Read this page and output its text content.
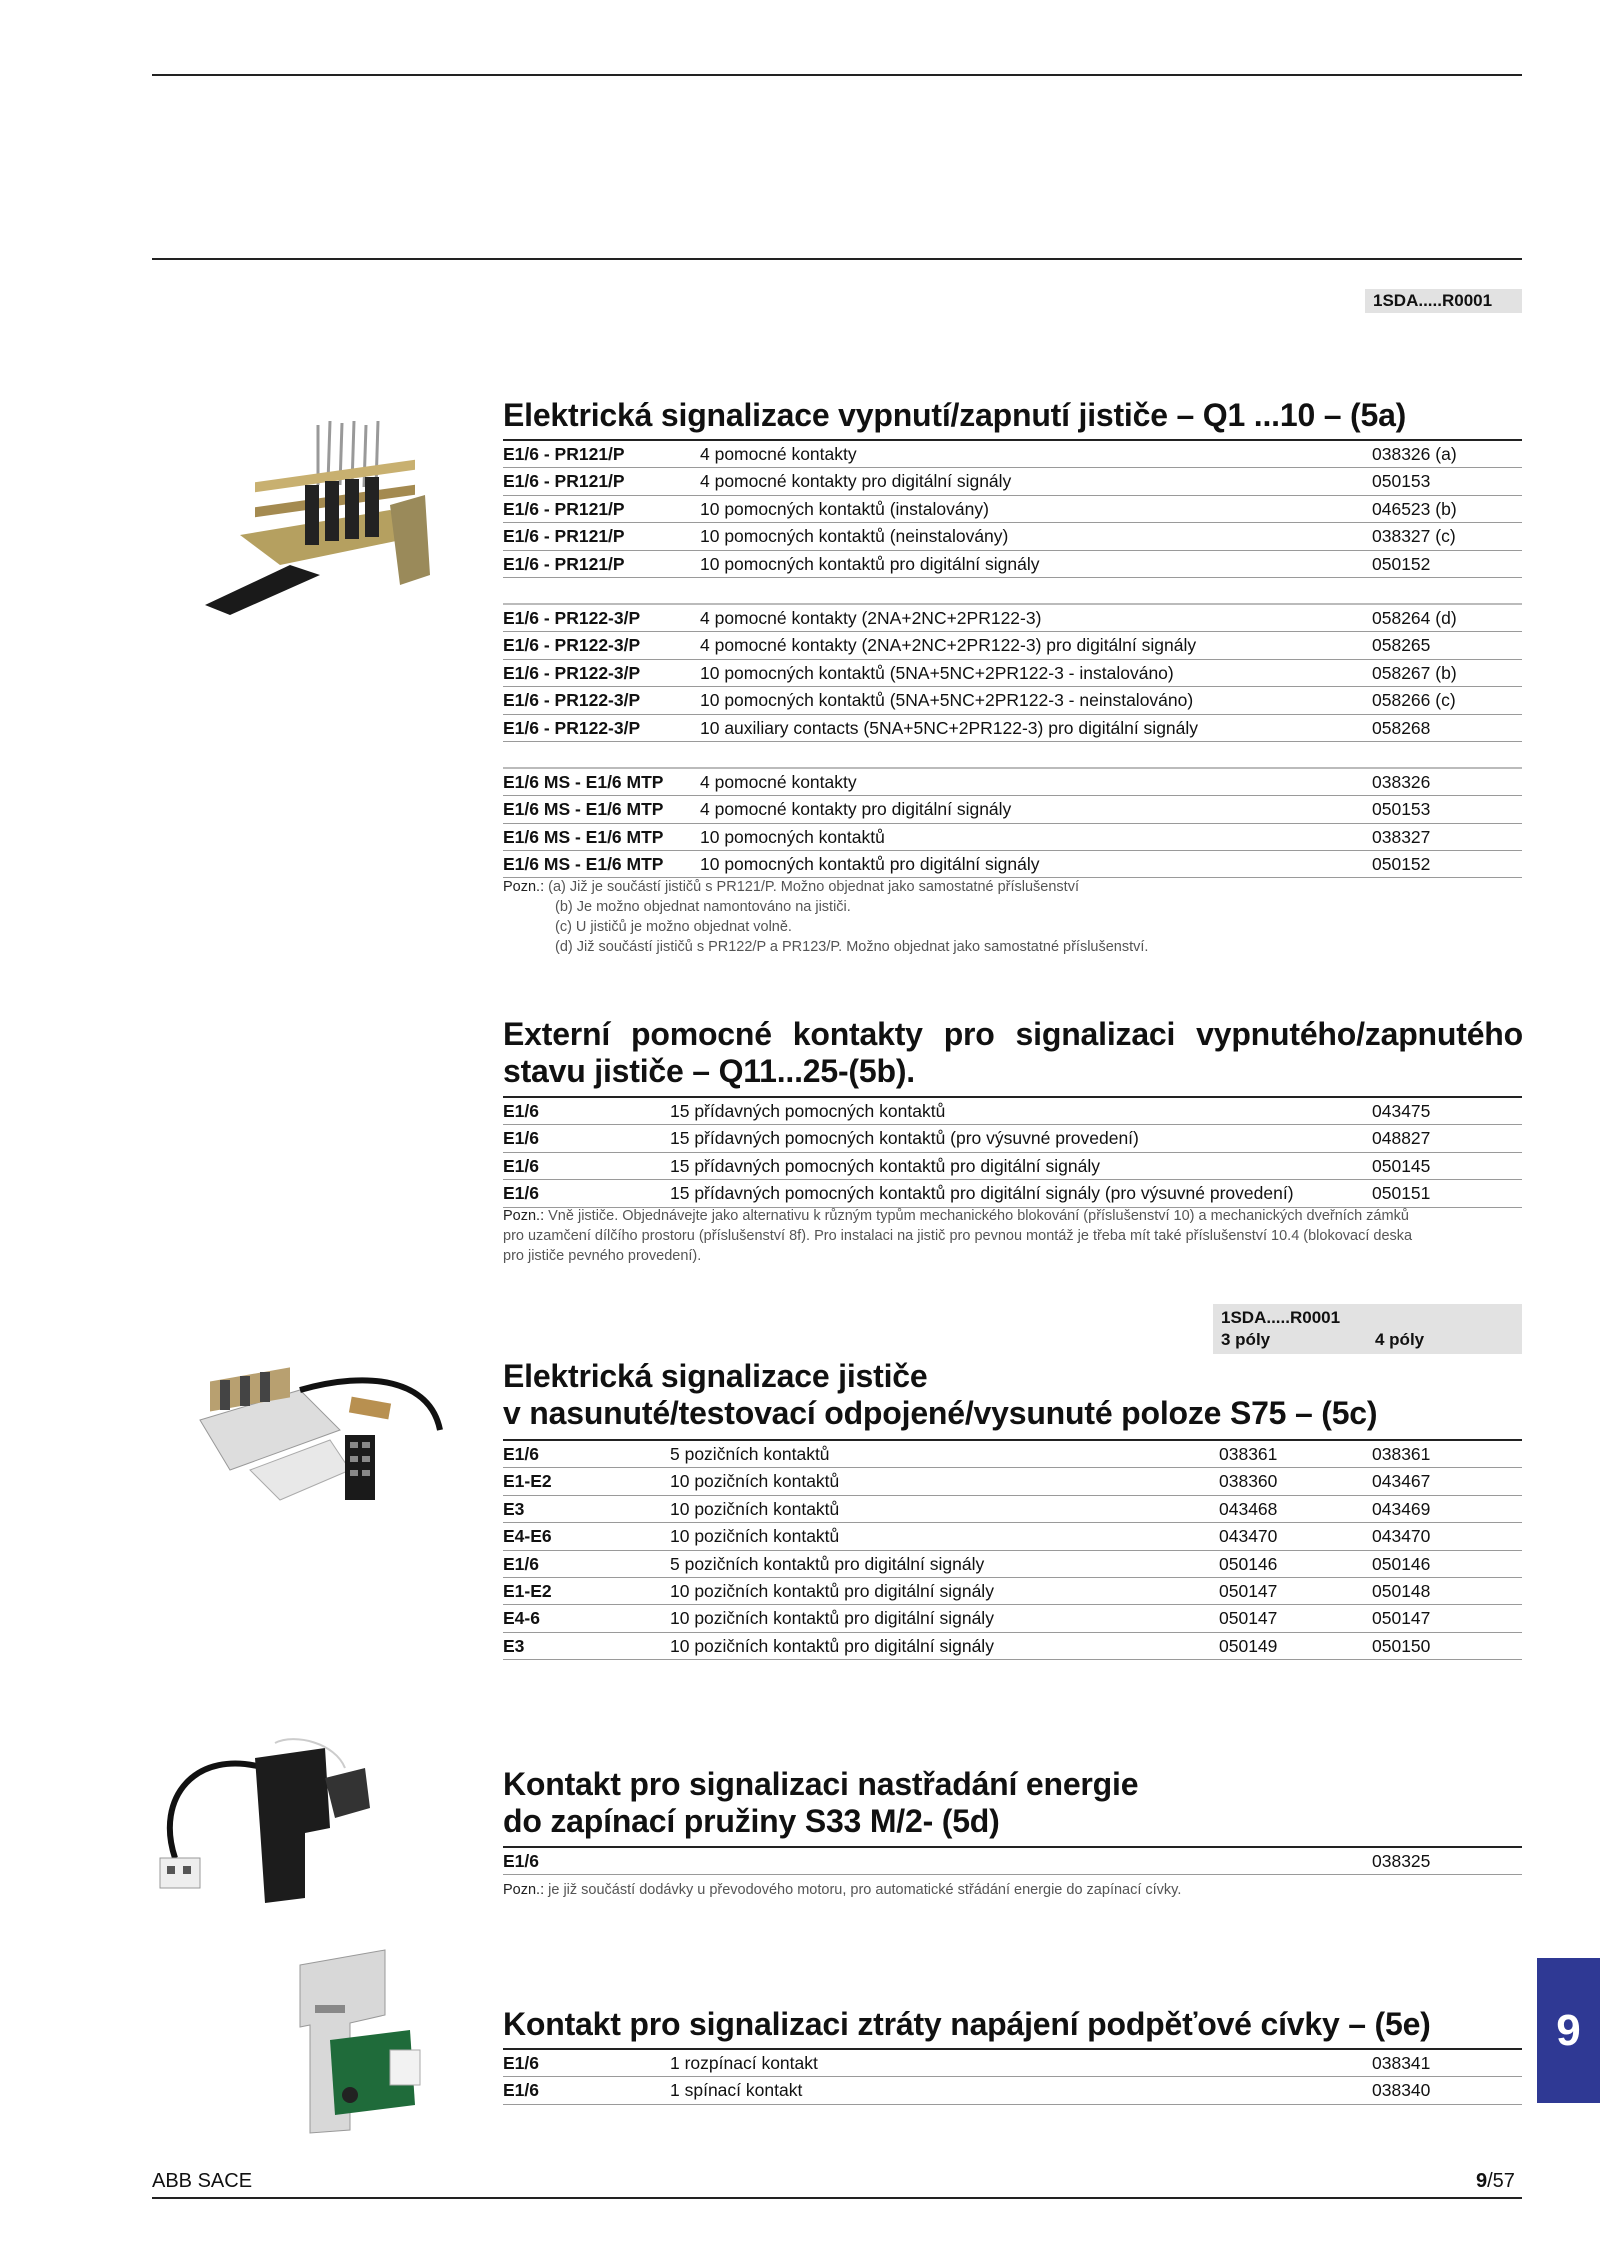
1SDA.....R0001
Elektrická signalizace vypnutí/zapnutí jističe – Q1 ...10 – (5a)
E1/6 - PR121/P	4 pomocné kontakty	038326 (a)
E1/6 - PR121/P	4 pomocné kontakty pro digitální signály	050153
E1/6 - PR121/P	10 pomocných kontaktů (instalovány)	046523 (b)
E1/6 - PR121/P	10 pomocných kontaktů (neinstalovány)	038327 (c)
E1/6 - PR121/P	10 pomocných kontaktů pro digitální signály	050152
E1/6 - PR122-3/P	4 pomocné kontakty (2NA+2NC+2PR122-3)	058264 (d)
E1/6 - PR122-3/P	4 pomocné kontakty (2NA+2NC+2PR122-3) pro digitální signály	058265
E1/6 - PR122-3/P	10 pomocných kontaktů (5NA+5NC+2PR122-3 - instalováno)	058267 (b)
E1/6 - PR122-3/P	10 pomocných kontaktů (5NA+5NC+2PR122-3 - neinstalováno)	058266 (c)
E1/6 - PR122-3/P	10 auxiliary contacts (5NA+5NC+2PR122-3) pro digitální signály	058268
E1/6 MS - E1/6 MTP 4 pomocné kontakty	038326
E1/6 MS - E1/6 MTP 4 pomocné kontakty pro digitální signály	050153
E1/6 MS - E1/6 MTP 10 pomocných kontaktů	038327
E1/6 MS - E1/6 MTP 10 pomocných kontaktů pro digitální signály	050152
Pozn.: (a) Již je součástí jističů s PR121/P. Možno objednat jako samostatné příslušenství
(b) Je možno objednat namontováno na jističi.
(c) U jističů je možno objednat volně.
(d) Již součástí jističů s PR122/P a PR123/P. Možno objednat jako samostatné příslušenství.
Externí pomocné kontakty pro signalizaci vypnutého/zapnutého
stavu jističe – Q11...25-(5b).
E1/6	15 přídavných pomocných kontaktů	043475
E1/6	15 přídavných pomocných kontaktů (pro výsuvné provedení)	048827
E1/6	15 přídavných pomocných kontaktů pro digitální signály	050145
E1/6	15 přídavných pomocných kontaktů pro digitální signály (pro výsuvné provedení)	050151
Pozn.: Vně jističe. Objednávejte jako alternativu k různým typům mechanického blokování (příslušenství 10) a mechanických dveřních zámků
pro uzamčení dílčího prostoru (příslušenství 8f). Pro instalaci na jistič pro pevnou montáž je třeba mít také příslušenství 10.4 (blokovací deska
pro jističe pevného provedení).
1SDA.....R0001
3 póly	4 póly
Elektrická signalizace jističe
v nasunuté/testovací odpojené/vysunuté poloze S75 – (5c)
E1/6	5 pozičních kontaktů	038361	038361
E1-E2	10 pozičních kontaktů	038360	043467
E3	10 pozičních kontaktů	043468	043469
E4-E6	10 pozičních kontaktů	043470	043470
E1/6	5 pozičních kontaktů pro digitální signály	050146	050146
E1-E2	10 pozičních kontaktů pro digitální signály	050147	050148
E4-6	10 pozičních kontaktů pro digitální signály	050147	050147
E3	10 pozičních kontaktů pro digitální signály	050149	050150
Kontakt pro signalizaci nastřadání energie
do zapínací pružiny S33 M/2- (5d)
E1/6	038325
Pozn.: je již součástí dodávky u převodového motoru, pro automatické střádání energie do zapínací cívky.
Kontakt pro signalizaci ztráty napájení podpěťové cívky – (5e)
E1/6	1 rozpínací kontakt	038341
E1/6	1 spínací kontakt	038340
9
ABB SACE	9/57
